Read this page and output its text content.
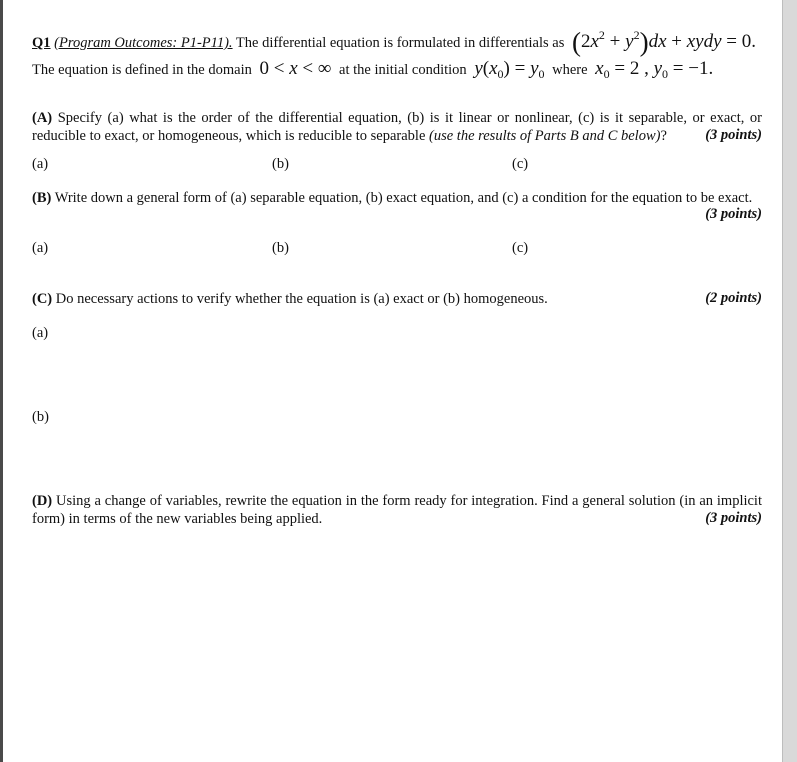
Q1 (Program Outcomes: P1-P11). The differential equation is formulated in differentials as $(2x^2 + y^2)dx$ + xydy = 0.
The equation is defined in the domain 0 < x < ∞ at the initial condition $y(x_0) = y_0$ where $x_0 = 2$ , $y_0 = -1$.
(A) Specify (a) what is the order of the differential equation, (b) is it linear or nonlinear, (c) is it separable, or exact, or
reducible to exact, or homogeneous, which is reducible to separable (use the results of Parts B and C below)?	(3 points)
(a)	(b)	(c)
(B) Write down a general form of (a) separable equation, (b) exact equation, and (c) a condition for the equation to be exact.
(3 points)
(a)	(b)	(c)
(C) Do necessary actions to verify whether the equation is (a) exact or (b) homogeneous.	(2 points)
(a)
(b)
(D) Using a change of variables, rewrite the equation in the form ready for integration. Find a general solution (in an implicit
form) in terms of the new variables being applied.	(3 points)
